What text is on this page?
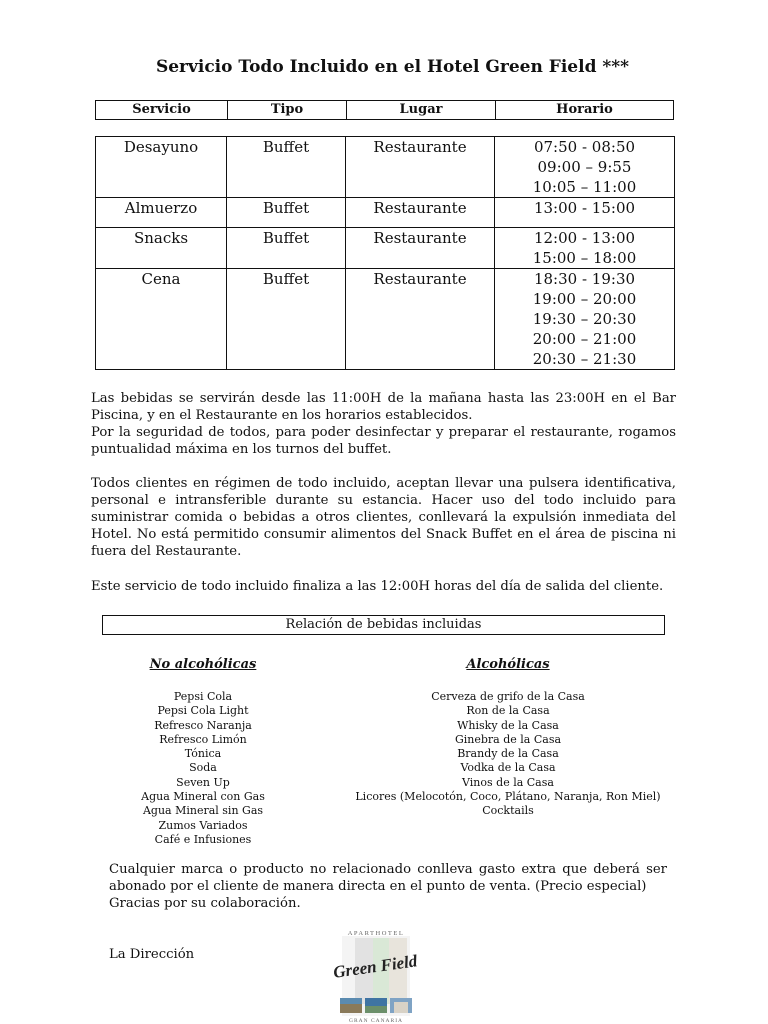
Servicio Todo Incluido en el Hotel Green Field ***
Servicio	Tipo	Lugar	Horario
Desayuno	Buffet	Restaurante	07:50 - 08:50
09:00 – 9:55
10:05 – 11:00

Almuerzo	Buffet	Restaurante	13:00 - 15:00

Snacks	Buffet	Restaurante	12:00 - 13:00
15:00 – 18:00

Cena	Buffet	Restaurante	18:30 - 19:30
19:00 – 20:00
19:30 – 20:30
20:00 – 21:00
20:30 – 21:30

Las bebidas se servirán desde las 11:00H de la mañana hasta las 23:00H en el Bar Piscina, y en el Restaurante en los horarios establecidos.

Por la seguridad de todos, para poder desinfectar y preparar el restaurante, rogamos puntualidad máxima en los turnos del buffet.

Todos clientes en régimen de todo incluido, aceptan llevar una pulsera identificativa, personal e intransferible durante su estancia. Hacer uso del todo incluido para suministrar comida o bebidas a otros clientes, conllevará la expulsión inmediata del Hotel. No está permitido consumir alimentos del Snack Buffet en el área de piscina ni fuera del Restaurante.

Este servicio de todo incluido finaliza a las 12:00H horas del día de salida del cliente.

Relación de bebidas incluidas
No alcohólicas
Pepsi Cola
Pepsi Cola Light
Refresco Naranja
Refresco Limón
Tónica
Soda
Seven Up
Agua Mineral con Gas
Agua Mineral sin Gas
Zumos Variados
Café e Infusiones
Alcohólicas
Cerveza de grifo de la Casa
Ron de la Casa
Whisky de la Casa
Ginebra de la Casa
Brandy de la Casa
Vodka de la Casa
Vinos de la Casa
Licores (Melocotón, Coco, Plátano, Naranja, Ron Miel)
Cocktails

Cualquier marca o producto no relacionado conlleva gasto extra que deberá ser abonado por el cliente de manera directa en el punto de venta. (Precio especial)

Gracias por su colaboración.

La Dirección
APARTHOTEL
Green Field
GRAN CANARIA
